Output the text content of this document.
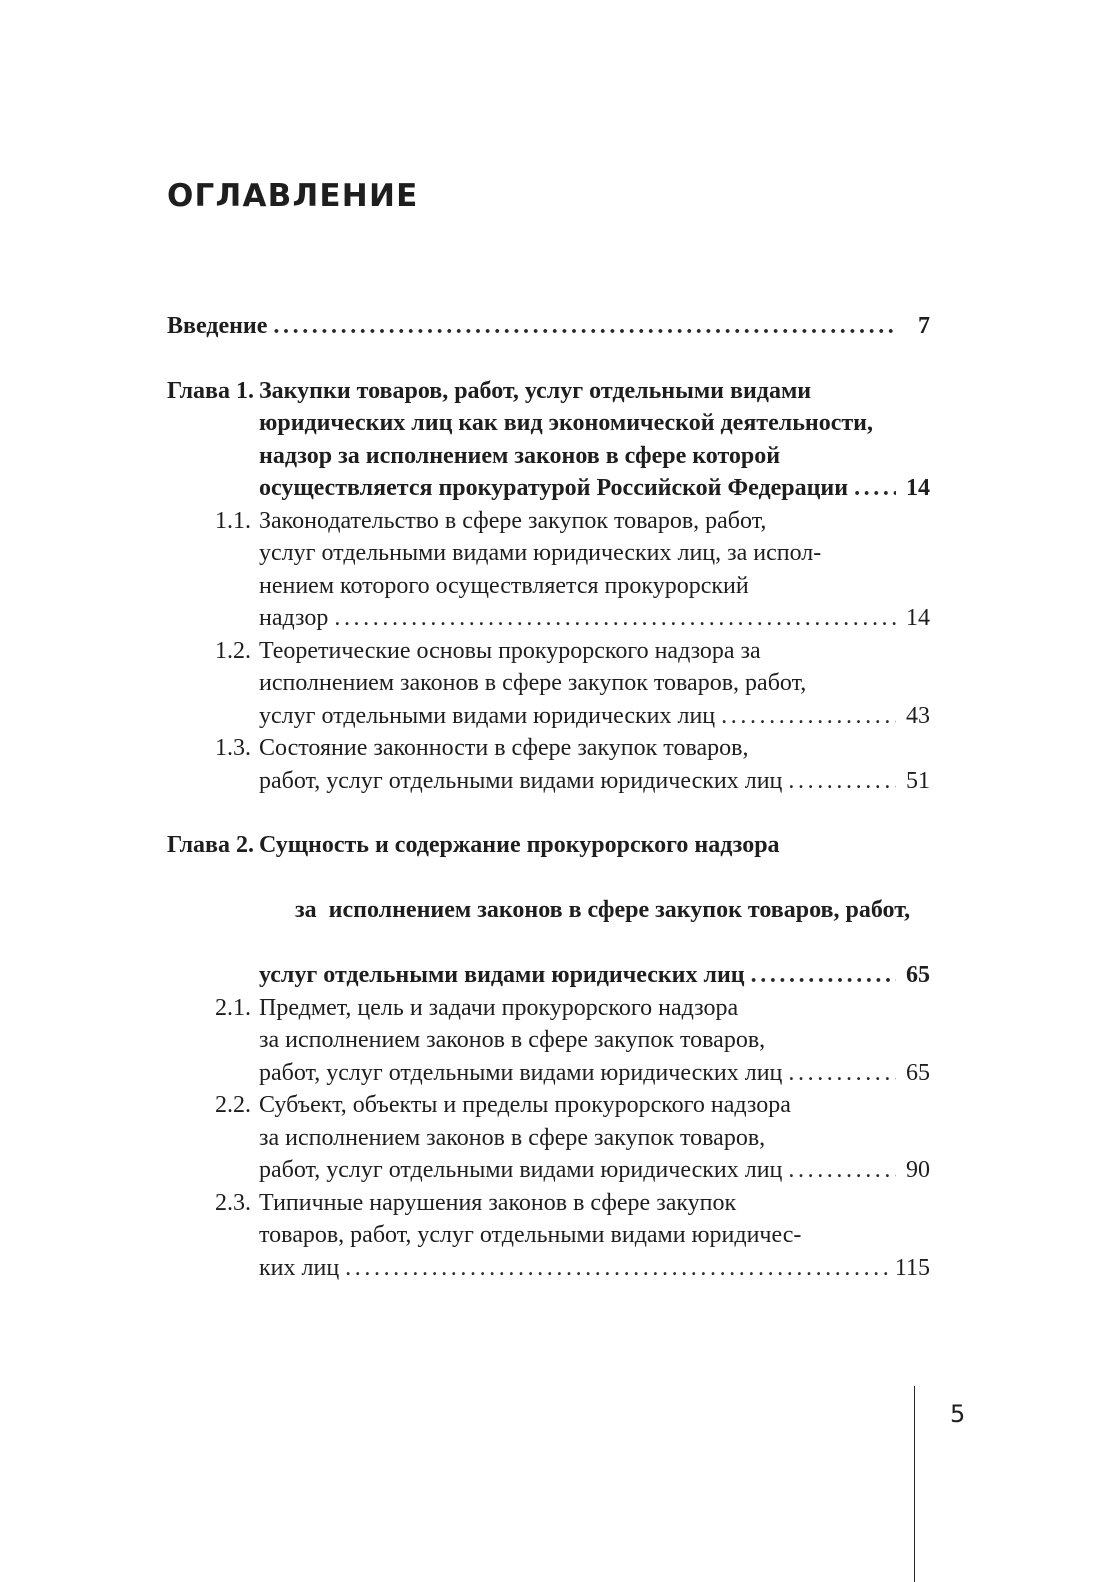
ОГЛАВЛЕНИЕ
Введение . . .	7
Глава 1. Закупки товаров, работ, услуг отдельными видами
юридических лиц как вид экономической деятельности,
надзор за исполнением законов в сфере которой
осуществляется прокуратурой Российской Федерации . . . 14
1.1. Законодательство в сфере закупок товаров, работ,
услуг отдельными видами юридических лиц, за испол-
нением которого осуществляется прокурорский
надзор . . .	14
1.2. Теоретические основы прокурорского надзора за
исполнением законов в сфере закупок товаров, работ,
услуг отдельными видами юридических лиц . . .	43
1.3. Состояние законности в сфере закупок товаров,
работ, услуг отдельными видами юридических лиц . . .	51
Глава 2. Сущность и содержание прокурорского надзора

за  исполнением законов в сфере закупок товаров, работ,

услуг отдельными видами юридических лиц . . .	65
2.1. Предмет, цель и задачи прокурорского надзора
за исполнением законов в сфере закупок товаров,
работ, услуг отдельными видами юридических лиц . . .	65
2.2. Субъект, объекты и пределы прокурорского надзора
за исполнением законов в сфере закупок товаров,
работ, услуг отдельными видами юридических лиц . . .	90
2.3. Типичные нарушения законов в сфере закупок
товаров, работ, услуг отдельными видами юридичес-
ких лиц . . .	115
5
